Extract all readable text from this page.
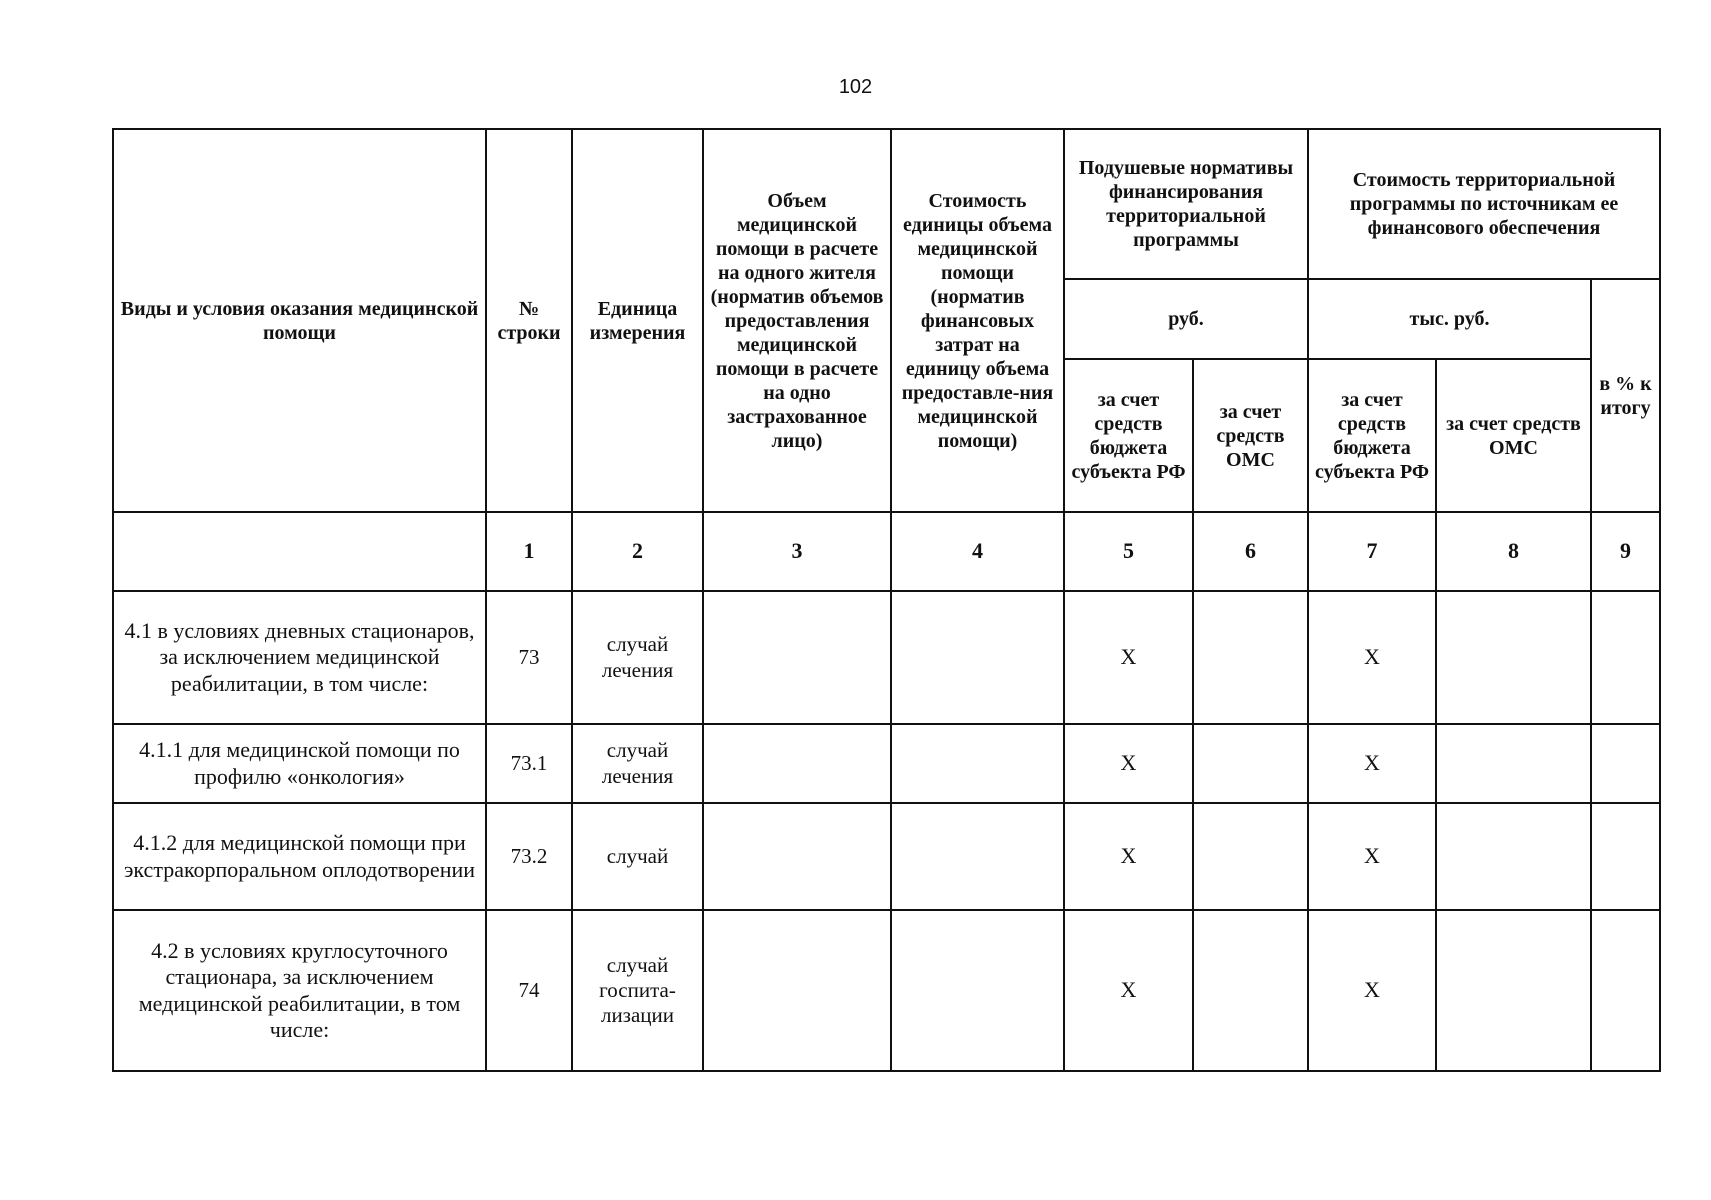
102
Виды и условия оказания медицинской помощи	№ строки	Единица измерения	Объем медицинской помощи в расчете на одного жителя (норматив объемов предоставления медицинской помощи в расчете на одно застрахованное лицо)	Стоимость единицы объема медицинской помощи (норматив финансовых затрат на единицу объема предоставле-ния медицинской помощи)	Подушевые нормативы финансирования территориальной программы		Стоимость территориальной программы по источникам ее финансового обеспечения		
					руб.		тыс. руб.		в % к итогу
					за счет средств бюджета субъекта РФ	за счет средств ОМС	за счет средств бюджета субъекта РФ	за счет средств ОМС	
	1	2	3	4	5	6	7	8	9
4.1 в условиях дневных стационаров, за исключением медицинской реабилитации, в том числе:	73	случай лечения			X		X		
4.1.1 для медицинской помощи по профилю «онкология»	73.1	случай лечения			X		X		
4.1.2 для медицинской помощи при экстракорпоральном оплодотворении	73.2	случай			X		X		
4.2 в условиях круглосуточного стационара, за исключением медицинской реабилитации, в том числе:	74	случай госпита-лизации			X		X		
